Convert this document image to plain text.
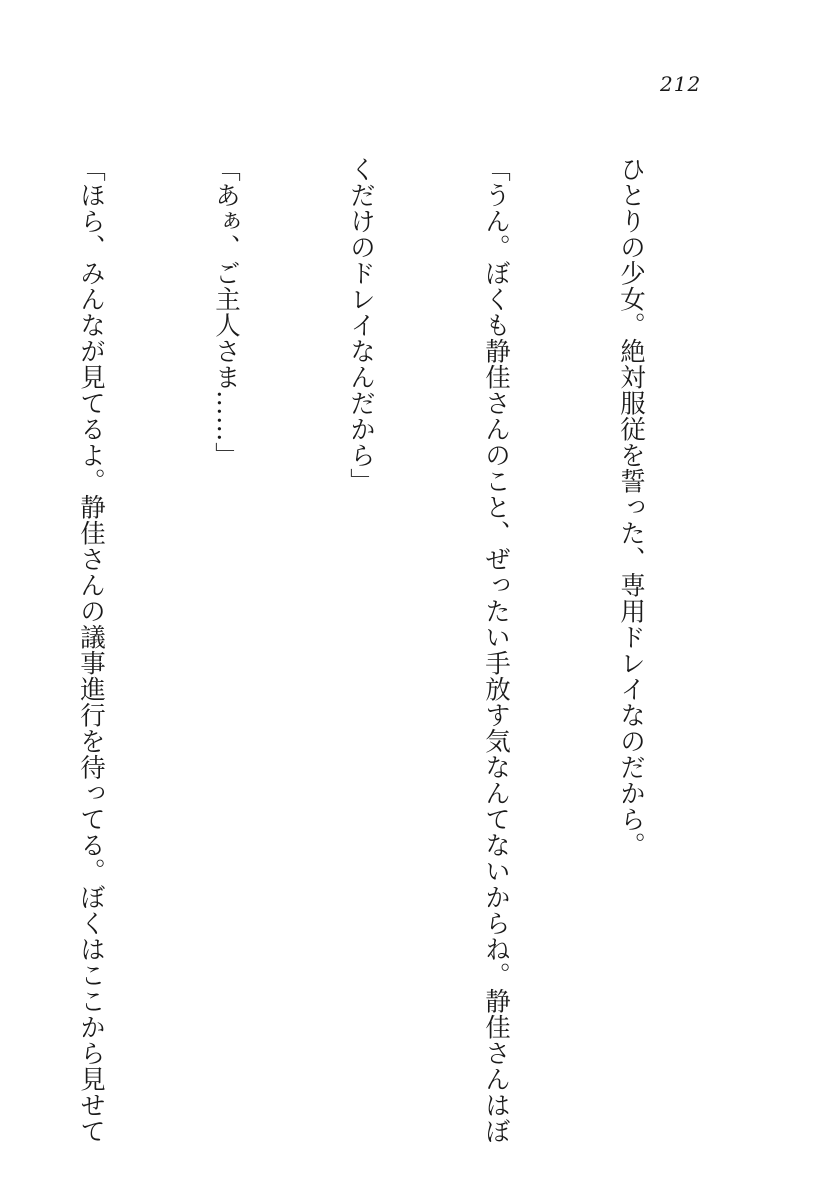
212

ひとりの少女。絶対服従を誓った、専用ドレイなのだから。

「うん。ぼくも静佳さんのこと、ぜったい手放す気なんてないからね。静佳さんはぼ

くだけのドレイなんだから」

「あぁ、ご主人さま……」

「ほら、みんなが見てるよ。静佳さんの議事進行を待ってる。ぼくはここから見せて
